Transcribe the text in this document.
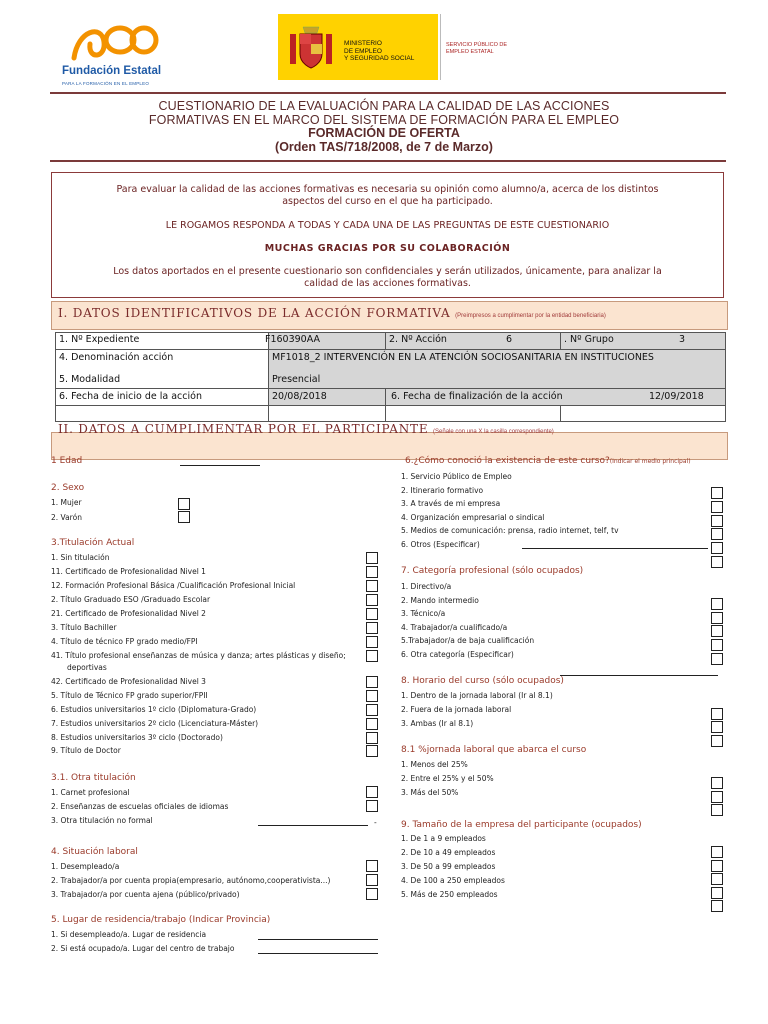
Fundación Estatal
PARA LA FORMACIÓN EN EL EMPLEO
MINISTERIO
DE EMPLEO
Y SEGURIDAD SOCIAL
SERVICIO PÚBLICO DE
EMPLEO ESTATAL
CUESTIONARIO DE LA EVALUACIÓN PARA LA CALIDAD DE LAS ACCIONES
FORMATIVAS EN EL MARCO DEL SISTEMA DE FORMACIÓN PARA EL EMPLEO
FORMACIÓN DE OFERTA
(Orden TAS/718/2008, de 7 de Marzo)
Para evaluar la calidad de las acciones formativas es necesaria su opinión como alumno/a, acerca de los distintos
aspectos del curso en el que ha participado.
LE ROGAMOS RESPONDA A TODAS Y CADA UNA DE LAS PREGUNTAS DE ESTE CUESTIONARIO
MUCHAS GRACIAS POR SU COLABORACIÓN
Los datos aportados en el presente cuestionario son confidenciales y serán utilizados, únicamente, para analizar la
calidad de las acciones formativas.
I. DATOS IDENTIFICATIVOS DE LA ACCIÓN FORMATIVA (Preimpresos a cumplimentar por la entidad beneficiaria)
1. Nº Expediente	F160390AA	2. Nº Acción	6	. Nº Grupo	3
4. Denominación acción	MF1018_2 INTERVENCIÓN EN LA ATENCIÓN SOCIOSANITARIA EN INSTITUCIONES
5. Modalidad	Presencial
6. Fecha de inicio de la acción	20/08/2018	6. Fecha de finalización de la acción	12/09/2018
II. DATOS A CUMPLIMENTAR POR EL PARTICIPANTE (Señale con una X la casilla correspondiente)
1 Edad
2. Sexo
1. Mujer
2. Varón
3.Titulación Actual
1. Sin titulación
11. Certificado de Profesionalidad Nivel 1
12. Formación Profesional Básica /Cualificación Profesional Inicial
2. Título Graduado ESO /Graduado Escolar
21. Certificado de Profesionalidad Nivel 2
3. Título Bachiller
4. Título de técnico FP grado medio/FPI
41. Título profesional enseñanzas de música y danza; artes plásticas y diseño;
deportivas
42. Certificado de Profesionalidad Nivel 3
5. Título de Técnico FP grado superior/FPII
6. Estudios universitarios 1º ciclo (Diplomatura-Grado)
7. Estudios universitarios 2º ciclo (Licenciatura-Máster)
8. Estudios universitarios 3º ciclo (Doctorado)
9. Título de Doctor
3.1. Otra titulación
1. Carnet profesional
2. Enseñanzas de escuelas oficiales de idiomas
3. Otra titulación no formal	-
4. Situación laboral
1. Desempleado/a
2. Trabajador/a por cuenta propia(empresario, autónomo,cooperativista...)
3. Trabajador/a por cuenta ajena (público/privado)
5. Lugar de residencia/trabajo (Indicar Provincia)
1. Si desempleado/a. Lugar de residencia
2. Si está ocupado/a. Lugar del centro de trabajo
6.¿Cómo conoció la existencia de este curso?(Indicar el medio principal)
1. Servicio Público de Empleo
2. Itinerario formativo
3. A través de mi empresa
4. Organización empresarial o sindical
5. Medios de comunicación: prensa, radio internet, telf, tv
6. Otros (Especificar)
7. Categoría profesional (sólo ocupados)
1. Directivo/a
2. Mando intermedio
3. Técnico/a
4. Trabajador/a cualificado/a
5.Trabajador/a de baja cualificación
6. Otra categoría (Especificar)
8. Horario del curso (sólo ocupados)
1. Dentro de la jornada laboral (Ir al 8.1)
2. Fuera de la jornada laboral
3. Ambas (Ir al 8.1)
8.1 %jornada laboral que abarca el curso
1. Menos del 25%
2. Entre el 25% y el 50%
3. Más del 50%
9. Tamaño de la empresa del participante (ocupados)
1. De 1 a 9 empleados
2. De 10 a 49 empleados
3. De 50 a 99 empleados
4. De 100 a 250 empleados
5. Más de 250 empleados
